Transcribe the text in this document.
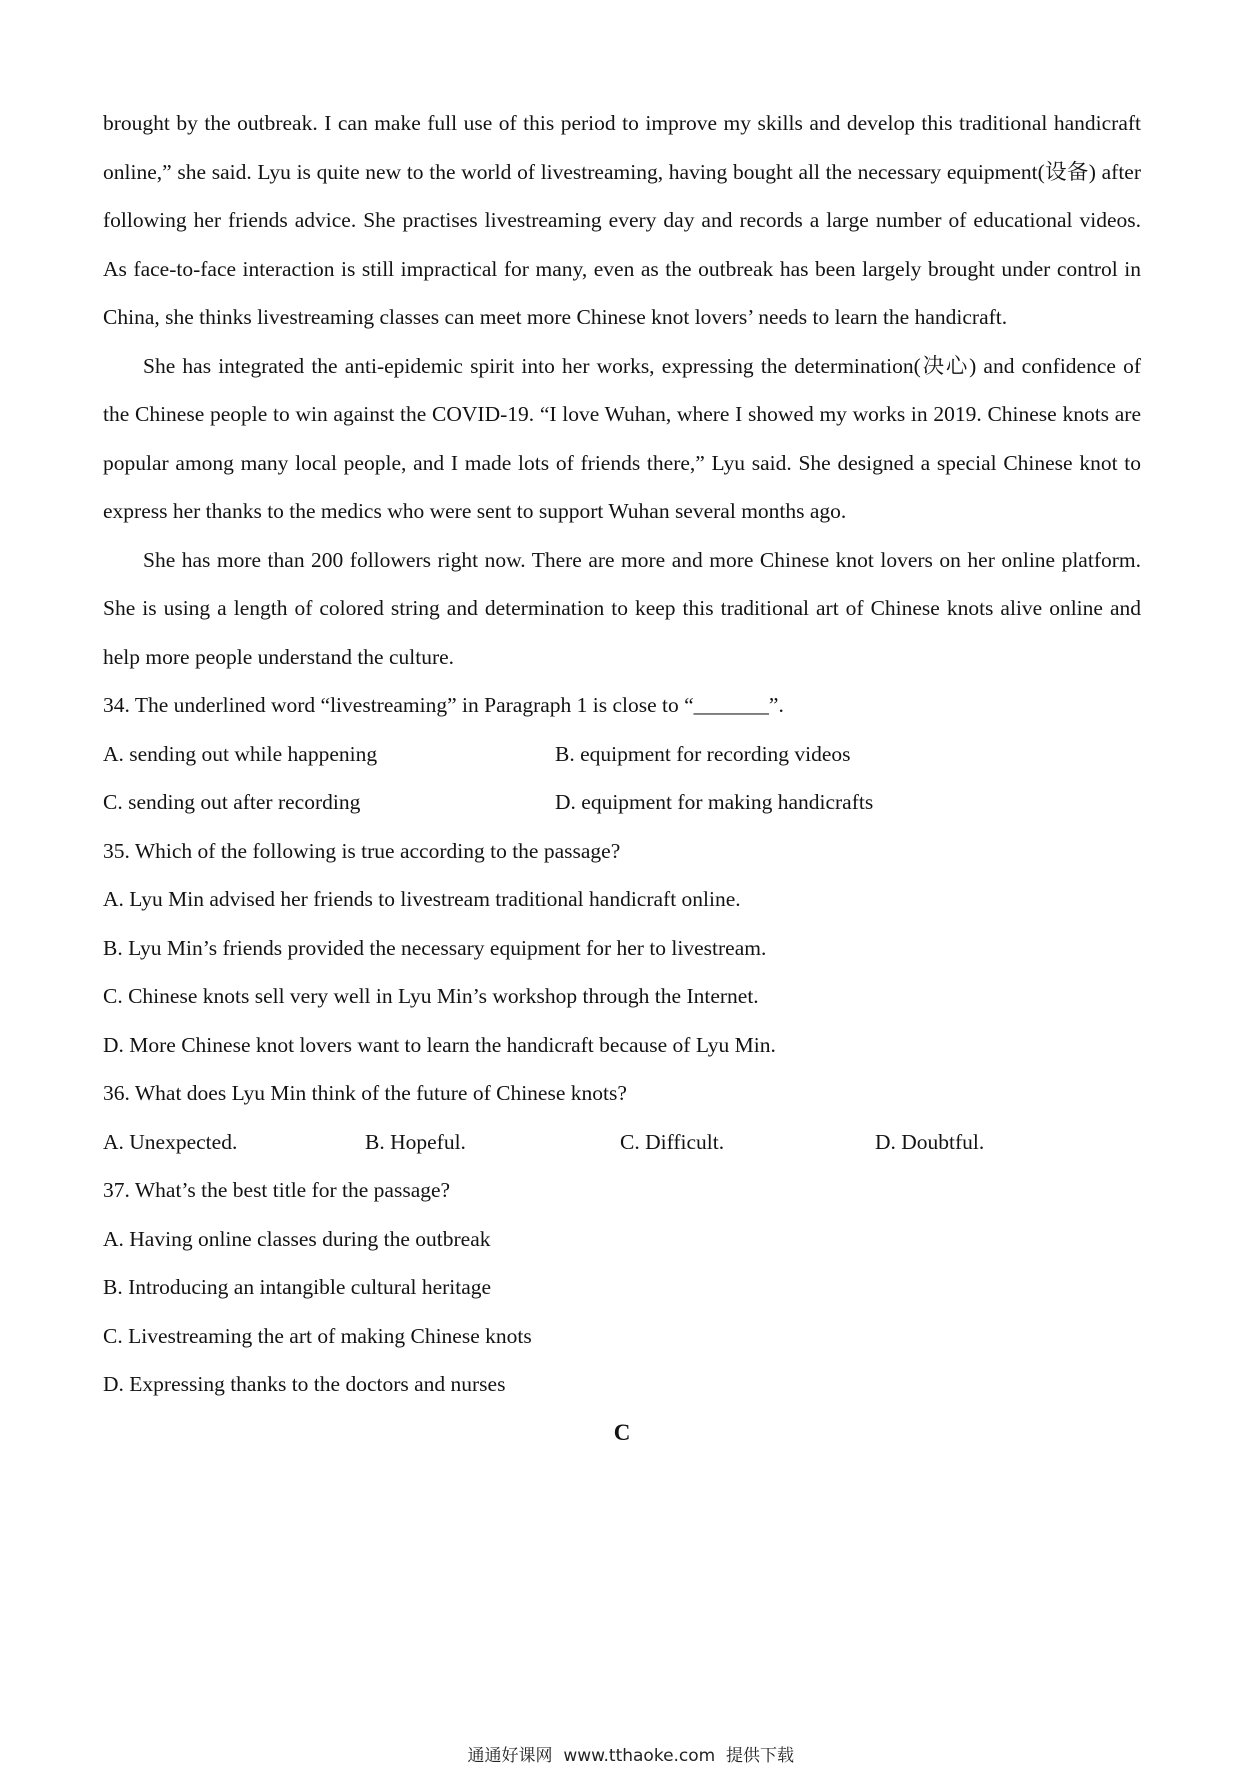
brought by the outbreak. I can make full use of this period to improve my skills and develop this traditional handicraft online,” she said. Lyu is quite new to the world of livestreaming, having bought all the necessary equipment(设备) after following her friends advice. She practises livestreaming every day and records a large number of educational videos. As face-to-face interaction is still impractical for many, even as the outbreak has been largely brought under control in China, she thinks livestreaming classes can meet more Chinese knot lovers’ needs to learn the handicraft.

She has integrated the anti-epidemic spirit into her works, expressing the determination(决心) and confidence of the Chinese people to win against the COVID-19. “I love Wuhan, where I showed my works in 2019. Chinese knots are popular among many local people, and I made lots of friends there,” Lyu said. She designed a special Chinese knot to express her thanks to the medics who were sent to support Wuhan several months ago.

She has more than 200 followers right now. There are more and more Chinese knot lovers on her online platform. She is using a length of colored string and determination to keep this traditional art of Chinese knots alive online and help more people understand the culture.

34. The underlined word “livestreaming” in Paragraph 1 is close to “_______”.
A. sending out while happening	B. equipment for recording videos
C. sending out after recording	D. equipment for making handicrafts
35. Which of the following is true according to the passage?
A. Lyu Min advised her friends to livestream traditional handicraft online.
B. Lyu Min’s friends provided the necessary equipment for her to livestream.
C. Chinese knots sell very well in Lyu Min’s workshop through the Internet.
D. More Chinese knot lovers want to learn the handicraft because of Lyu Min.
36. What does Lyu Min think of the future of Chinese knots?
A. Unexpected.	B. Hopeful.	C. Difficult.	D. Doubtful.
37. What’s the best title for the passage?
A. Having online classes during the outbreak
B. Introducing an intangible cultural heritage
C. Livestreaming the art of making Chinese knots
D. Expressing thanks to the doctors and nurses
C

通通好课网  www.tthaoke.com  提供下载
